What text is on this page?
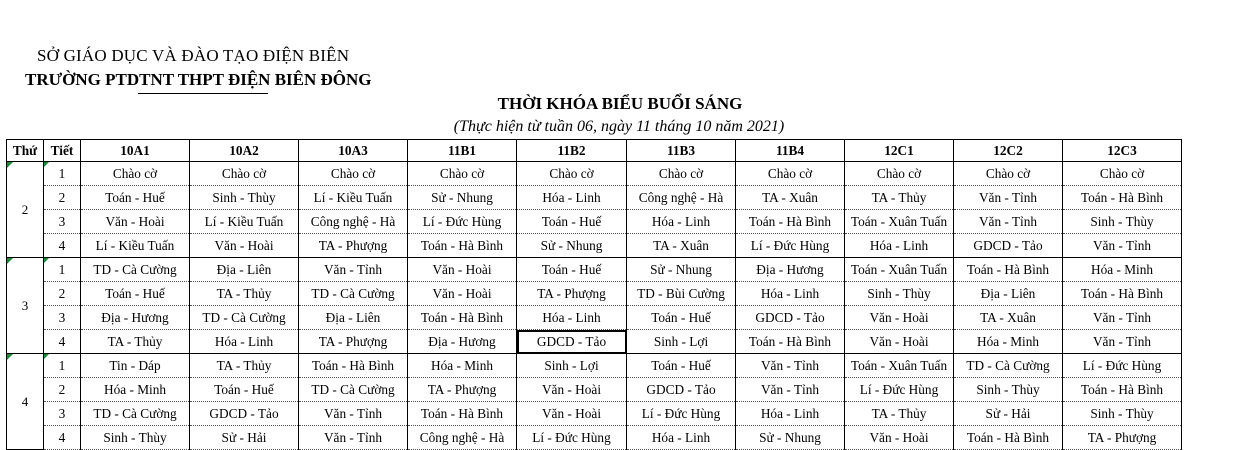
SỞ GIÁO DỤC VÀ ĐÀO TẠO ĐIỆN BIÊN
TRƯỜNG PTDTNT THPT ĐIỆN BIÊN ĐÔNG
THỜI KHÓA BIỂU BUỔI SÁNG
(Thực hiện từ tuần 06, ngày 11 tháng 10 năm 2021)
Thứ	Tiết	10A1	10A2	10A3	11B1	11B2	11B3	11B4	12C1	12C2	12C3
2	1	Chào cờ	Chào cờ	Chào cờ	Chào cờ	Chào cờ	Chào cờ	Chào cờ	Chào cờ	Chào cờ	Chào cờ
	2	Toán - Huế	Sinh - Thùy	Lí - Kiều Tuấn	Sử - Nhung	Hóa - Linh	Công nghệ - Hà	TA - Xuân	TA - Thủy	Văn - Tỉnh	Toán - Hà Bình
	3	Văn - Hoài	Lí - Kiều Tuấn	Công nghệ - Hà	Lí - Đức Hùng	Toán - Huế	Hóa - Linh	Toán - Hà Bình	Toán - Xuân Tuấn	Văn - Tỉnh	Sinh - Thùy
	4	Lí - Kiều Tuấn	Văn - Hoài	TA - Phượng	Toán - Hà Bình	Sử - Nhung	TA - Xuân	Lí - Đức Hùng	Hóa - Linh	GDCD - Tảo	Văn - Tỉnh
3	1	TD - Cà Cường	Địa - Liên	Văn - Tỉnh	Văn - Hoài	Toán - Huế	Sử - Nhung	Địa - Hương	Toán - Xuân Tuấn	Toán - Hà Bình	Hóa - Minh
	2	Toán - Huế	TA - Thủy	TD - Cà Cường	Văn - Hoài	TA - Phượng	TD - Bùi Cường	Hóa - Linh	Sinh - Thùy	Địa - Liên	Toán - Hà Bình
	3	Địa - Hương	TD - Cà Cường	Địa - Liên	Toán - Hà Bình	Hóa - Linh	Toán - Huế	GDCD - Tảo	Văn - Hoài	TA - Xuân	Văn - Tỉnh
	4	TA - Thủy	Hóa - Linh	TA - Phượng	Địa - Hương	GDCD - Tảo	Sinh - Lợi	Toán - Hà Bình	Văn - Hoài	Hóa - Minh	Văn - Tỉnh
4	1	Tin - Dáp	TA - Thủy	Toán - Hà Bình	Hóa - Minh	Sinh - Lợi	Toán - Huế	Văn - Tỉnh	Toán - Xuân Tuấn	TD - Cà Cường	Lí - Đức Hùng
	2	Hóa - Minh	Toán - Huế	TD - Cà Cường	TA - Phượng	Văn - Hoài	GDCD - Tảo	Văn - Tỉnh	Lí - Đức Hùng	Sinh - Thùy	Toán - Hà Bình
	3	TD - Cà Cường	GDCD - Tảo	Văn - Tỉnh	Toán - Hà Bình	Văn - Hoài	Lí - Đức Hùng	Hóa - Linh	TA - Thủy	Sử - Hải	Sinh - Thùy
	4	Sinh - Thùy	Sử - Hải	Văn - Tỉnh	Công nghệ - Hà	Lí - Đức Hùng	Hóa - Linh	Sử - Nhung	Văn - Hoài	Toán - Hà Bình	TA - Phượng
